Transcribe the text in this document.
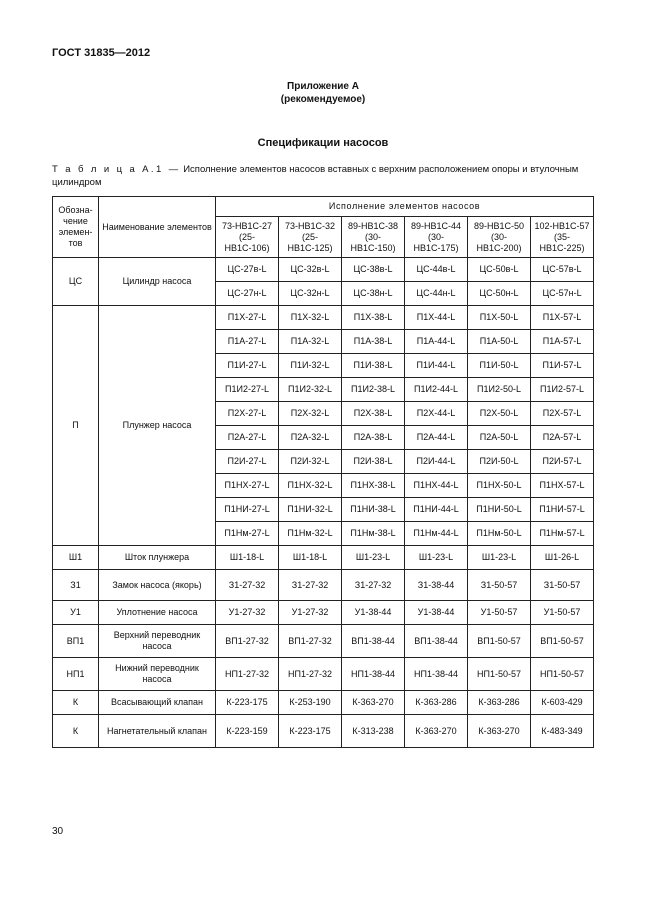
ГОСТ 31835—2012
Приложение А
(рекомендуемое)
Спецификации насосов
Т а б л и ц а А.1 — Исполнение элементов насосов вставных с верхним расположением опоры и втулочным цилиндром
Обозна-чение элемен-тов	Наименование элементов	Исполнение элементов насосов					
		73-НВ1С-27 (25-НВ1С-106)	73-НВ1С-32 (25-НВ1С-125)	89-НВ1С-38 (30-НВ1С-150)	89-НВ1С-44 (30-НВ1С-175)	89-НВ1С-50 (30-НВ1С-200)	102-НВ1С-57 (35-НВ1С-225)
ЦС	Цилиндр насоса	ЦС-27в-L	ЦС-32в-L	ЦС-38в-L	ЦС-44в-L	ЦС-50в-L	ЦС-57в-L
		ЦС-27н-L	ЦС-32н-L	ЦС-38н-L	ЦС-44н-L	ЦС-50н-L	ЦС-57н-L
П	Плунжер насоса	П1Х-27-L	П1Х-32-L	П1Х-38-L	П1Х-44-L	П1Х-50-L	П1Х-57-L
		П1А-27-L	П1А-32-L	П1А-38-L	П1А-44-L	П1А-50-L	П1А-57-L
		П1И-27-L	П1И-32-L	П1И-38-L	П1И-44-L	П1И-50-L	П1И-57-L
		П1И2-27-L	П1И2-32-L	П1И2-38-L	П1И2-44-L	П1И2-50-L	П1И2-57-L
		П2Х-27-L	П2Х-32-L	П2Х-38-L	П2Х-44-L	П2Х-50-L	П2Х-57-L
		П2А-27-L	П2А-32-L	П2А-38-L	П2А-44-L	П2А-50-L	П2А-57-L
		П2И-27-L	П2И-32-L	П2И-38-L	П2И-44-L	П2И-50-L	П2И-57-L
		П1НХ-27-L	П1НХ-32-L	П1НХ-38-L	П1НХ-44-L	П1НХ-50-L	П1НХ-57-L
		П1НИ-27-L	П1НИ-32-L	П1НИ-38-L	П1НИ-44-L	П1НИ-50-L	П1НИ-57-L
		П1Нм-27-L	П1Нм-32-L	П1Нм-38-L	П1Нм-44-L	П1Нм-50-L	П1Нм-57-L
Ш1	Шток плунжера	Ш1-18-L	Ш1-18-L	Ш1-23-L	Ш1-23-L	Ш1-23-L	Ш1-26-L
З1	Замок насоса (якорь)	З1-27-32	З1-27-32	З1-27-32	З1-38-44	З1-50-57	З1-50-57
У1	Уплотнение насоса	У1-27-32	У1-27-32	У1-38-44	У1-38-44	У1-50-57	У1-50-57
ВП1	Верхний переводник насоса	ВП1-27-32	ВП1-27-32	ВП1-38-44	ВП1-38-44	ВП1-50-57	ВП1-50-57
НП1	Нижний переводник насоса	НП1-27-32	НП1-27-32	НП1-38-44	НП1-38-44	НП1-50-57	НП1-50-57
К	Всасывающий клапан	К-223-175	К-253-190	К-363-270	К-363-286	К-363-286	К-603-429
К	Нагнетательный клапан	К-223-159	К-223-175	К-313-238	К-363-270	К-363-270	К-483-349
30
